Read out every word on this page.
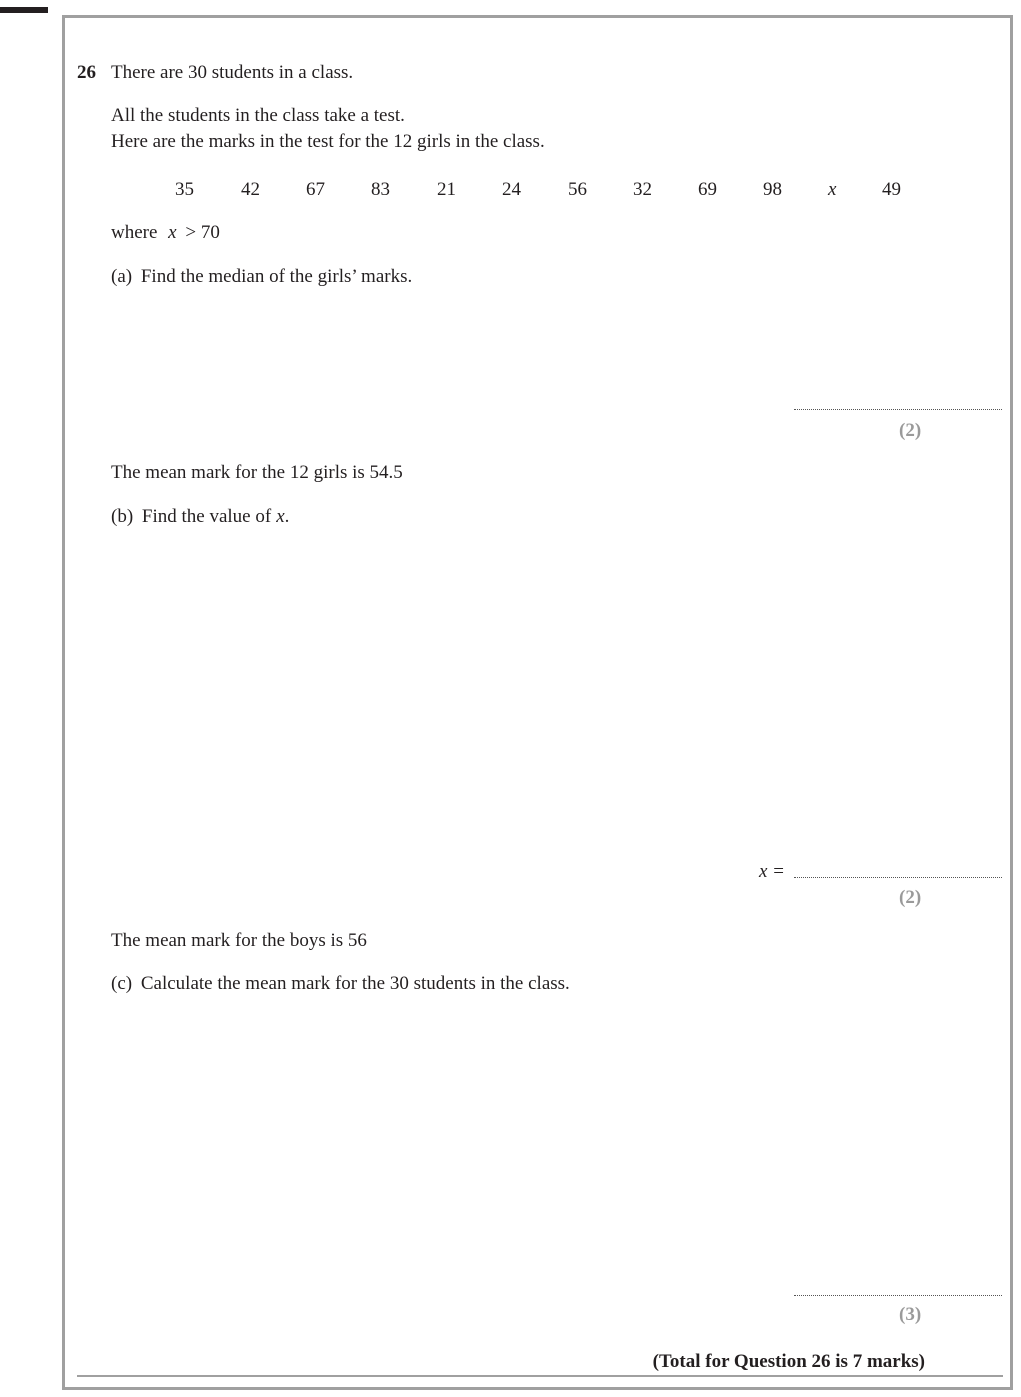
26 There are 30 students in a class.
All the students in the class take a test.
Here are the marks in the test for the 12 girls in the class.
35 42 67 83 21 24 56 32 69 98 x 49
where x > 70
(a) Find the median of the girls’ marks.
(2)
The mean mark for the 12 girls is 54.5
(b) Find the value of x.
x =
(2)
The mean mark for the boys is 56
(c) Calculate the mean mark for the 30 students in the class.
(3)
(Total for Question 26 is 7 marks)
